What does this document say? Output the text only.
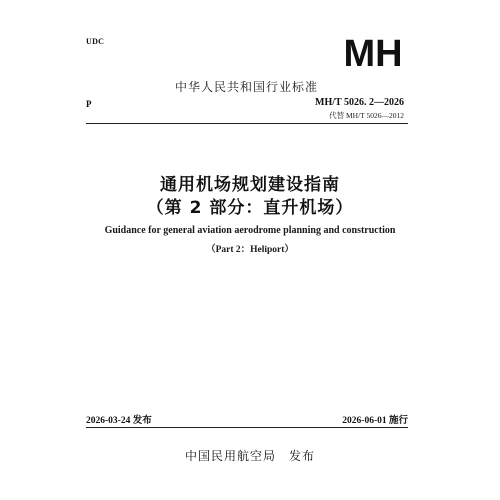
UDC	MH
中华人民共和国行业标准
P	MH/T 5026. 2—2026
代替 MH/T 5026—2012
通用机场规划建设指南
（第 2 部分：直升机场）
Guidance for general aviation aerodrome planning and construction
（Part 2：Heliport）
2026-03-24 发布	2026-06-01 施行
中国民用航空局　发布
